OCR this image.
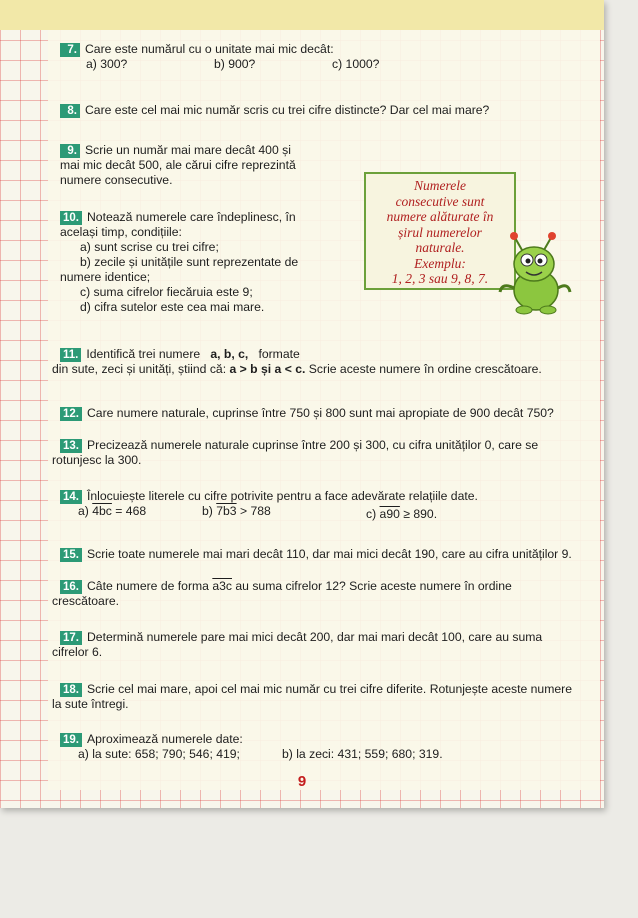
7. Care este numărul cu o unitate mai mic decât:
a) 300?	b) 900?	c) 1000?
8. Care este cel mai mic număr scris cu trei cifre distincte? Dar cel mai mare?
9. Scrie un număr mai mare decât 400 și
mai mic decât 500, ale cărui cifre reprezintă
numere consecutive.
10. Notează numerele care îndeplinesc, în
același timp, condițiile:
a) sunt scrise cu trei cifre;
b) zecile și unitățile sunt reprezentate de
numere identice;
c) suma cifrelor fiecăruia este 9;
d) cifra sutelor este cea mai mare.
Numerele
consecutive sunt
numere alăturate în
șirul numerelor
naturale.
Exemplu:
1, 2, 3 sau 9, 8, 7.
11. Identifică trei numere a, b, c, formate
din sute, zeci și unități, știind că: a > b și a < c. Scrie aceste numere în ordine crescătoare.
12. Care numere naturale, cuprinse între 750 și 800 sunt mai apropiate de 900 decât 750?
13. Precizează numerele naturale cuprinse între 200 și 300, cu cifra unităților 0, care se
rotunjesc la 300.
14. Înlocuiește literele cu cifre potrivite pentru a face adevărate relațiile date.
a) 4bc = 468	b) 7b3 > 788	c) a90 ≥ 890.
15. Scrie toate numerele mai mari decât 110, dar mai mici decât 190, care au cifra unităților 9.
16. Câte numere de forma a3c au suma cifrelor 12? Scrie aceste numere în ordine
crescătoare.
17. Determină numerele pare mai mici decât 200, dar mai mari decât 100, care au suma
cifrelor 6.
18. Scrie cel mai mare, apoi cel mai mic număr cu trei cifre diferite. Rotunjește aceste numere
la sute întregi.
19. Aproximează numerele date:
a) la sute: 658; 790; 546; 419;	b) la zeci: 431; 559; 680; 319.
9
